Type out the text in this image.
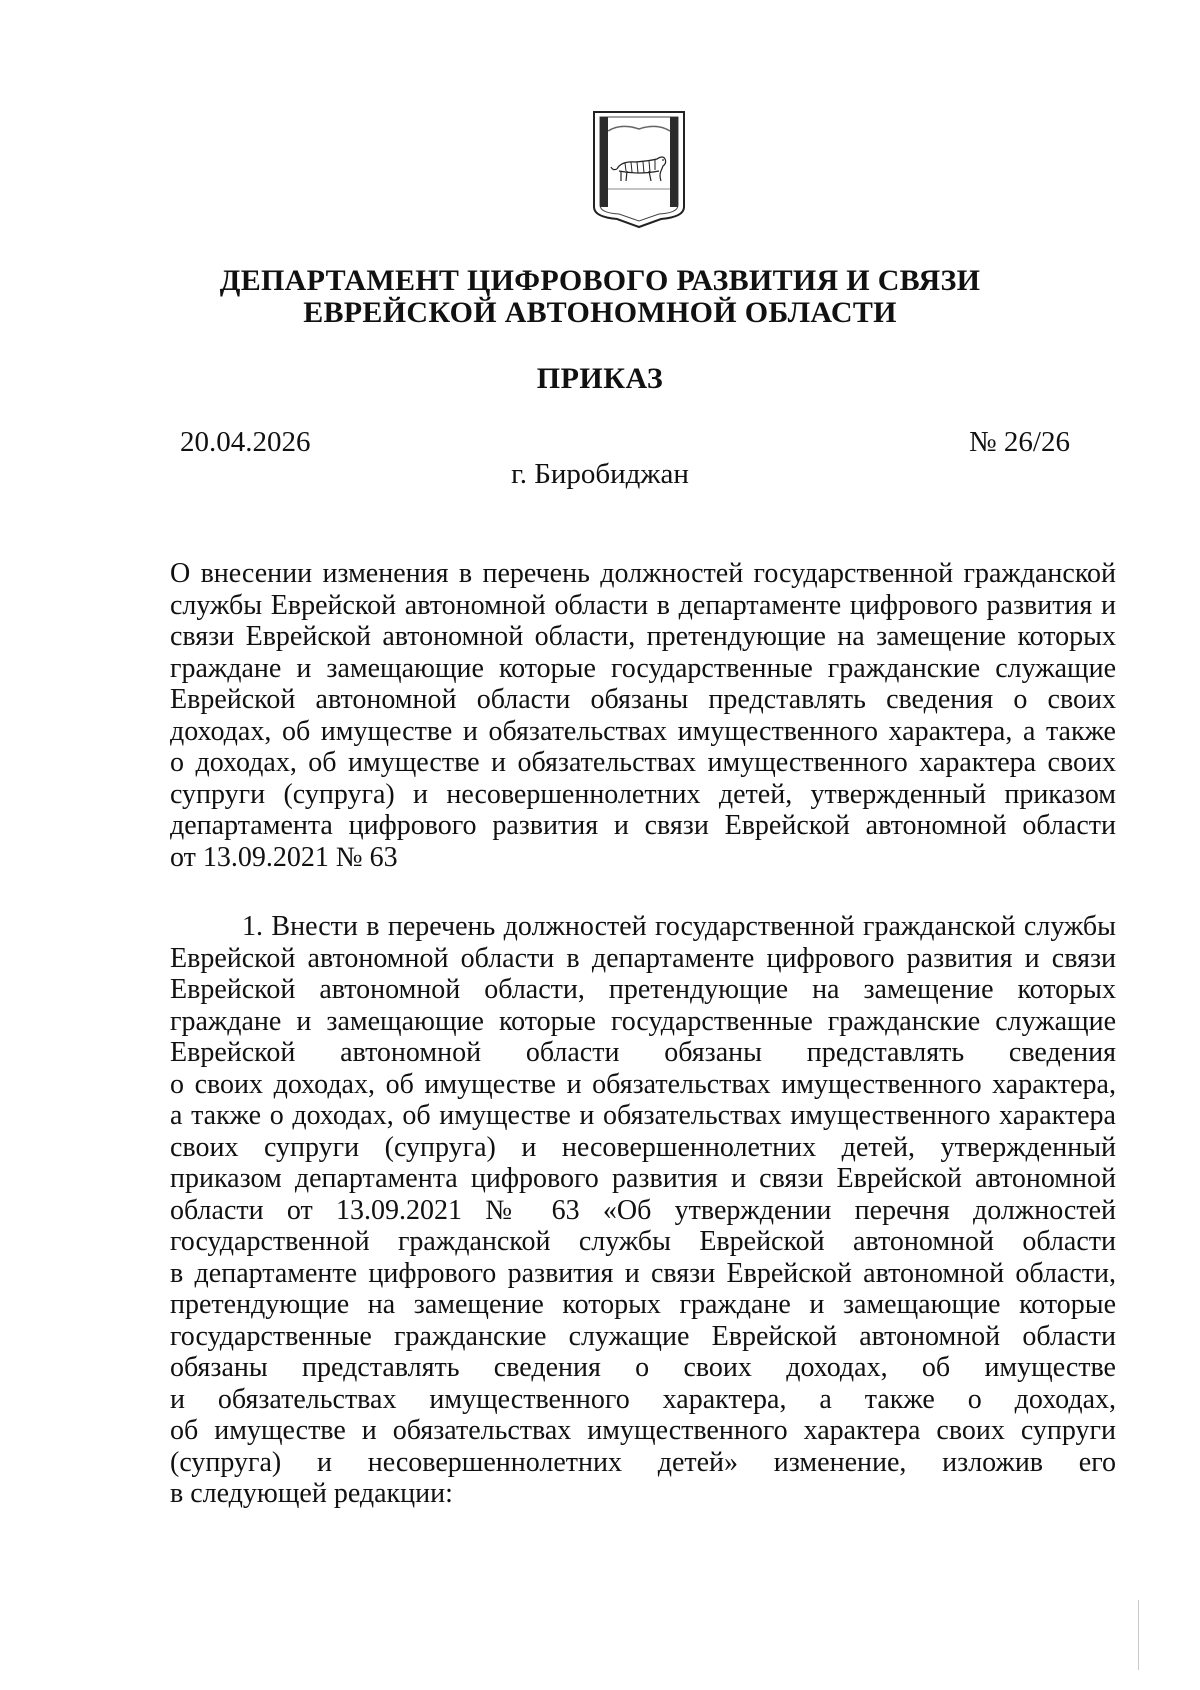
ДЕПАРТАМЕНТ ЦИФРОВОГО РАЗВИТИЯ И СВЯЗИ
ЕВРЕЙСКОЙ АВТОНОМНОЙ ОБЛАСТИ
ПРИКАЗ
20.04.2026	№ 26/26
г. Биробиджан
О внесении изменения в перечень должностей государственной гражданской
службы Еврейской автономной области в департаменте цифрового развития и
связи Еврейской автономной области, претендующие на замещение которых
граждане и замещающие которые государственные гражданские служащие
Еврейской автономной области обязаны представлять сведения о своих
доходах, об имуществе и обязательствах имущественного характера, а также
о доходах, об имуществе и обязательствах имущественного характера своих
супруги (супруга) и несовершеннолетних детей, утвержденный приказом
департамента цифрового развития и связи Еврейской автономной области
от 13.09.2021 № 63
1. Внести в перечень должностей государственной гражданской службы
Еврейской автономной области в департаменте цифрового развития и связи
Еврейской автономной области, претендующие на замещение которых
граждане и замещающие которые государственные гражданские служащие
Еврейской автономной области обязаны представлять сведения
о своих доходах, об имуществе и обязательствах имущественного характера,
а также о доходах, об имуществе и обязательствах имущественного характера
своих супруги (супруга) и несовершеннолетних детей, утвержденный
приказом департамента цифрового развития и связи Еврейской автономной
области от 13.09.2021 № 63 «Об утверждении перечня должностей
государственной гражданской службы Еврейской автономной области
в департаменте цифрового развития и связи Еврейской автономной области,
претендующие на замещение которых граждане и замещающие которые
государственные гражданские служащие Еврейской автономной области
обязаны представлять сведения о своих доходах, об имуществе
и обязательствах имущественного характера, а также о доходах,
об имуществе и обязательствах имущественного характера своих супруги
(супруга) и несовершеннолетних детей» изменение, изложив его
в следующей редакции:
